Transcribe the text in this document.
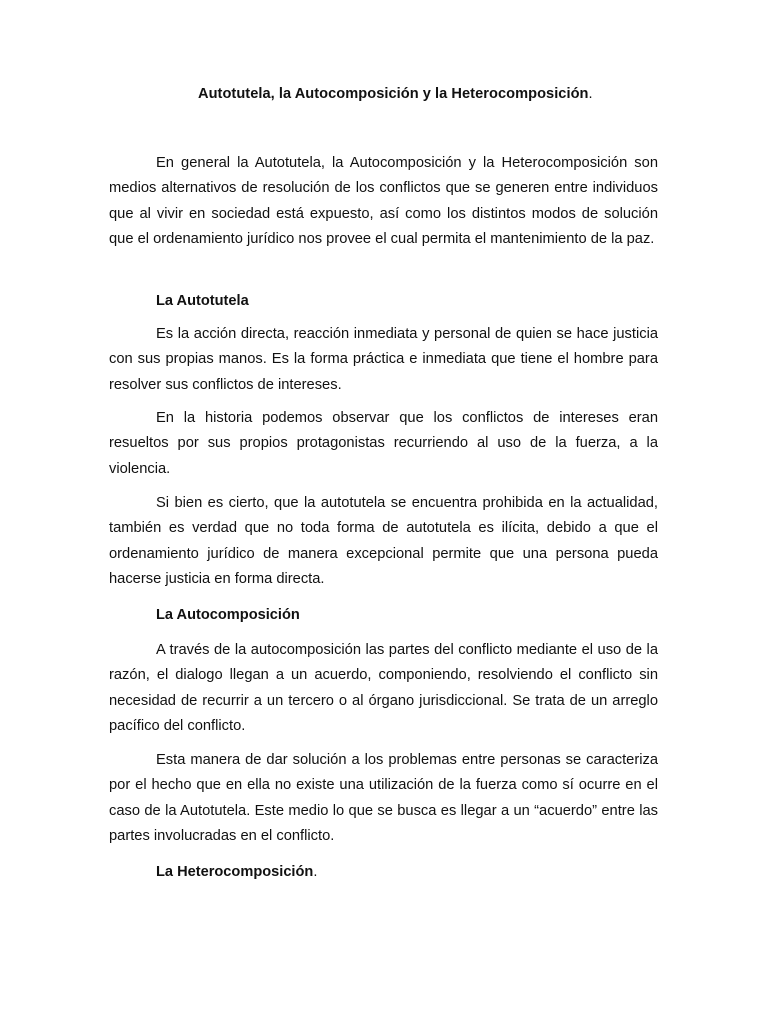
Autotutela, la Autocomposición y la Heterocomposición.

En general la Autotutela, la Autocomposición y la Heterocomposición son medios alternativos de resolución de los conflictos que se generen entre individuos que al vivir en sociedad está expuesto, así como los distintos modos de solución que el ordenamiento jurídico nos provee el cual permita el mantenimiento de la paz.

La Autotutela

Es la acción directa, reacción inmediata y personal de quien se hace justicia con sus propias manos. Es la forma práctica e inmediata que tiene el hombre para resolver sus conflictos de intereses.

En la historia podemos observar que los conflictos de intereses eran resueltos por sus propios protagonistas recurriendo al uso de la fuerza, a la violencia.

Si bien es cierto, que la autotutela se encuentra prohibida en la actualidad, también es verdad que no toda forma de autotutela es ilícita, debido a que el ordenamiento jurídico de manera excepcional permite que una persona pueda hacerse justicia en forma directa.

La Autocomposición

A través de la autocomposición las partes del conflicto mediante el uso de la razón, el dialogo llegan a un acuerdo, componiendo, resolviendo el conflicto sin necesidad de recurrir a un tercero o al órgano jurisdiccional. Se trata de un arreglo pacífico del conflicto.

Esta manera de dar solución a los problemas entre personas se caracteriza por el hecho que en ella no existe una utilización de la fuerza como sí ocurre en el caso de la Autotutela. Este medio lo que se busca es llegar a un “acuerdo” entre las partes involucradas en el conflicto.

La Heterocomposición.
